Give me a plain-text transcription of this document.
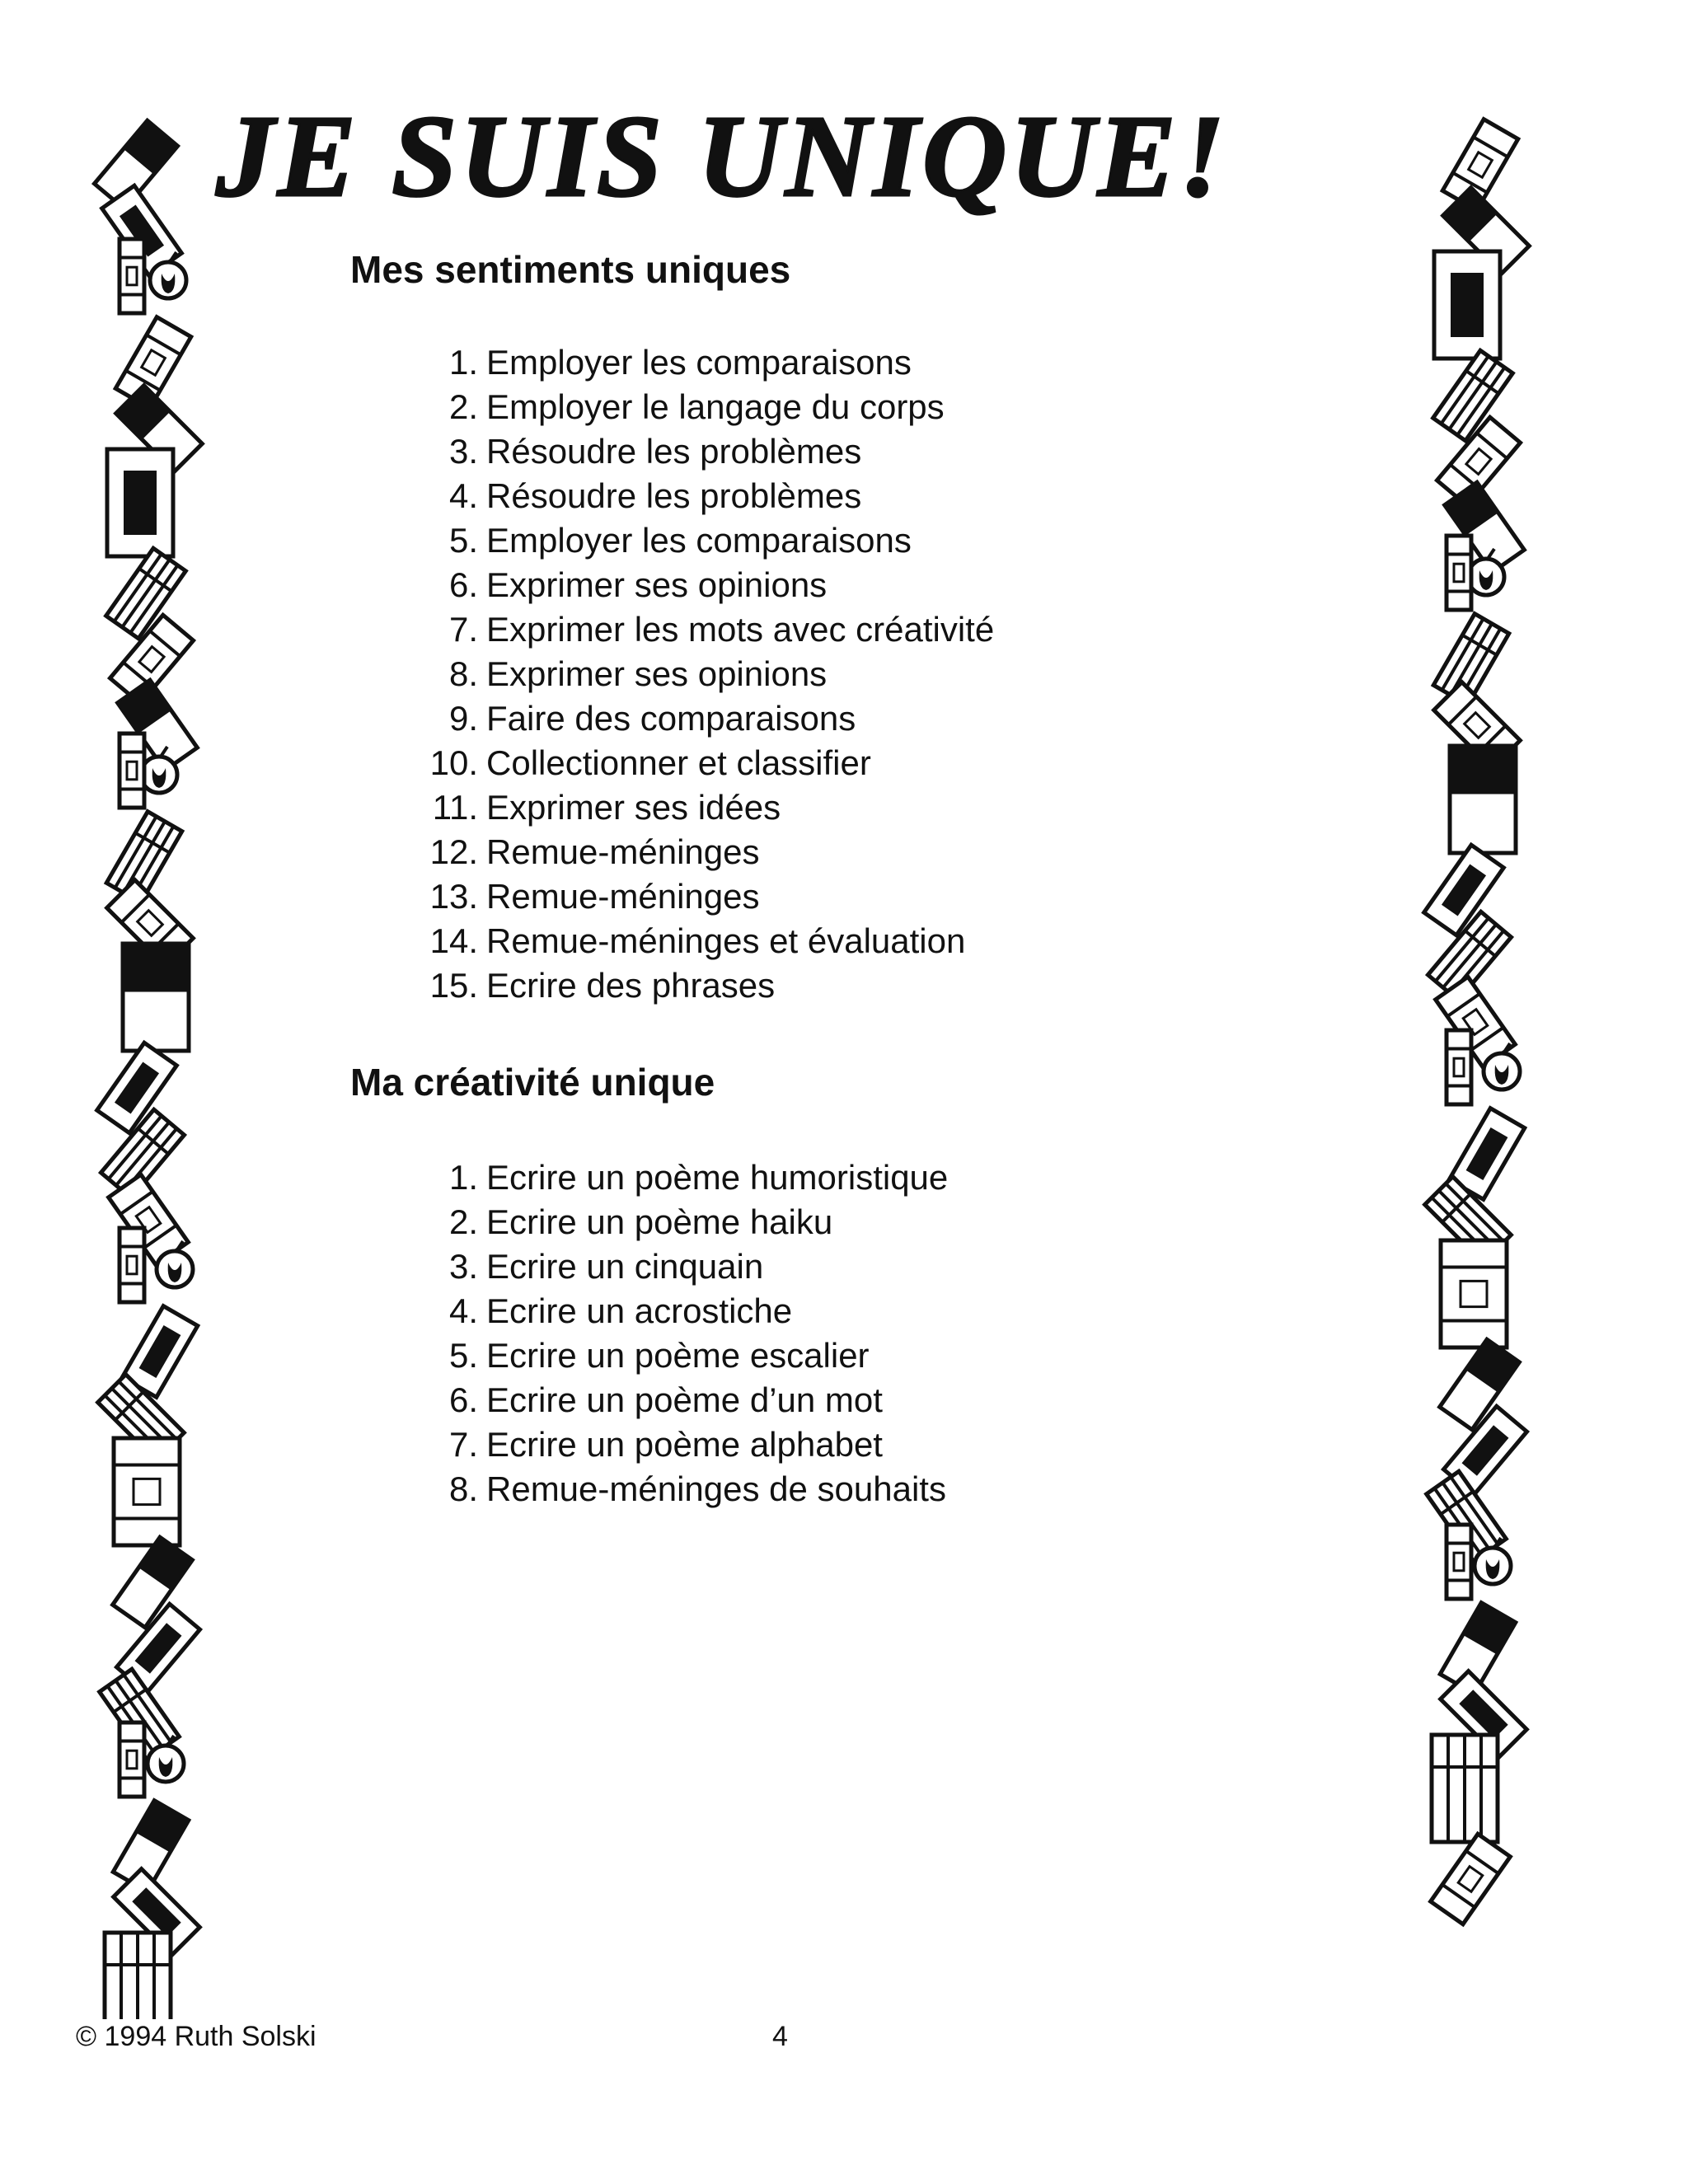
JE SUIS UNIQUE!
Mes sentiments uniques
1. Employer les comparaisons
2. Employer le langage du corps
3. Résoudre les problèmes
4. Résoudre les problèmes
5. Employer les comparaisons
6. Exprimer ses opinions
7. Exprimer les mots avec créativité
8. Exprimer ses opinions
9. Faire des comparaisons
10. Collectionner et classifier
11. Exprimer ses idées
12. Remue-méninges
13. Remue-méninges
14. Remue-méninges et évaluation
15. Ecrire des phrases
Ma créativité unique
1. Ecrire un poème humoristique
2. Ecrire un poème haiku
3. Ecrire un cinquain
4. Ecrire un acrostiche
5. Ecrire un poème escalier
6. Ecrire un poème d’un mot
7. Ecrire un poème alphabet
8. Remue-méninges de souhaits
© 1994 Ruth Solski	4
